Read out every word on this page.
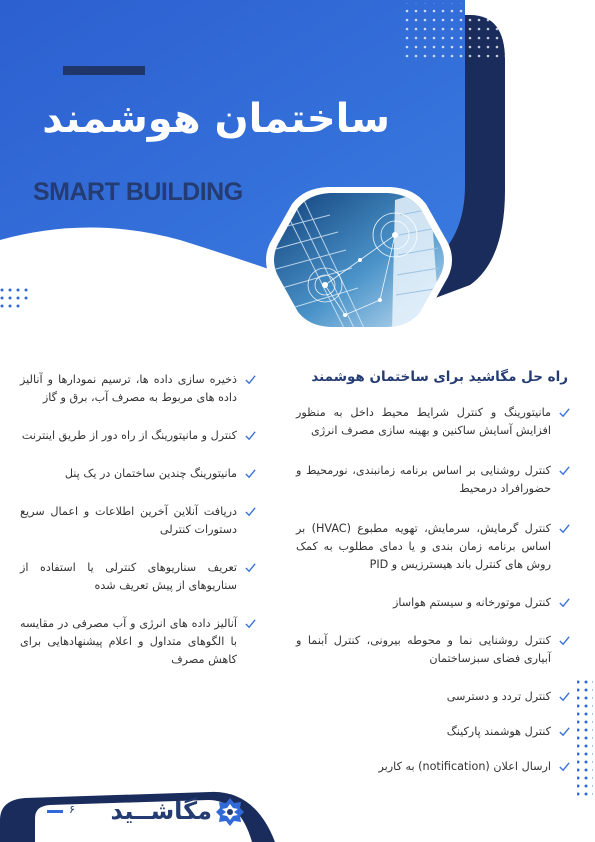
ساختمان هوشمند
SMART BUILDING
راه حل مگاشید برای ساختمان هوشمند
مانیتورینگ و کنترل شرایط محیط داخل به منظور افزایش آسایش ساکنین و بهینه سازی مصرف انرژی
کنترل روشنایی بر اساس برنامه زمانبندی، نورمحیط و حضورافراد درمحیط
کنترل گرمایش، سرمایش، تهویه مطبوع (HVAC) بر اساس برنامه زمان بندی و یا دمای مطلوب به کمک روش های کنترل باند هیسترزیس و PID
کنترل موتورخانه و سیستم هواساز
کنترل روشنایی نما و محوطه بیرونی، کنترل آبنما و آبیاری فضای سبزساختمان
کنترل تردد و دسترسی
کنترل هوشمند پارکینگ
ارسال اعلان (notification) به کاربر
ذخیره سازی داده ها، ترسیم نمودارها و آنالیز داده های مربوط به مصرف آب، برق و گاز
کنترل و مانیتورینگ از راه دور از طریق اینترنت
مانیتورینگ چندین ساختمان در یک پنل
دریافت آنلاین آخرین اطلاعات و اعمال سریع دستورات کنترلی
تعریف سناریوهای کنترلی یا استفاده از سناریوهای از پیش تعریف شده
آنالیز داده های انرژی و آب مصرفی در مقایسه با الگوهای متداول و اعلام پیشنهادهایی برای کاهش مصرف
۶ مگاشــید
